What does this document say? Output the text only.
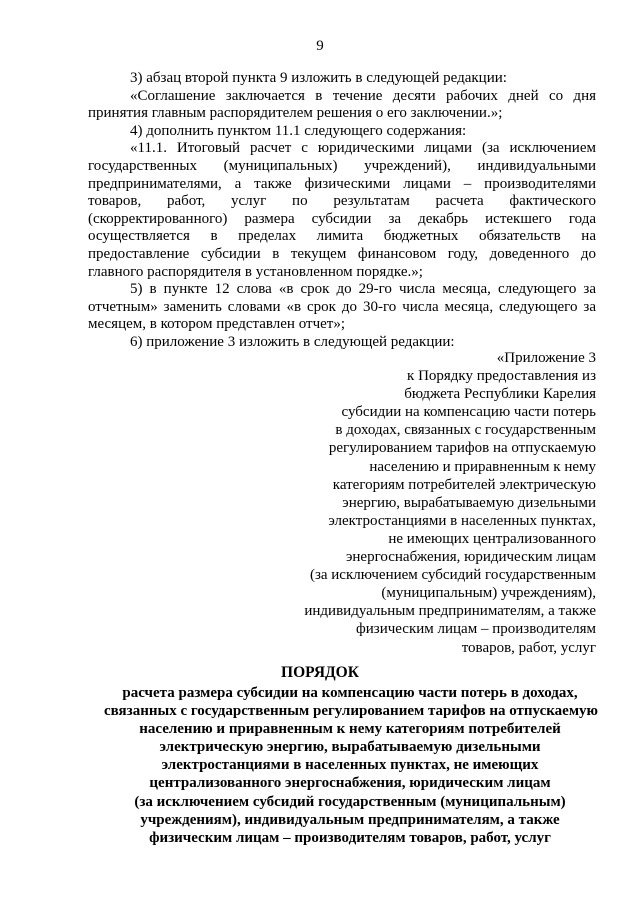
9

3) абзац второй пункта 9 изложить в следующей редакции:

«Соглашение заключается в течение десяти рабочих дней со дня принятия главным распорядителем решения о его заключении.»;

4) дополнить пунктом 11.1 следующего содержания:

«11.1. Итоговый расчет с юридическими лицами (за исключением государственных (муниципальных) учреждений), индивидуальными предпринимателями, а также физическими лицами – производителями товаров, работ, услуг по результатам расчета фактического (скорректированного) размера субсидии за декабрь истекшего года осуществляется в пределах лимита бюджетных обязательств на предоставление субсидии в текущем финансовом году, доведенного до главного распорядителя в установленном порядке.»;

5) в пункте 12 слова «в срок до 29-го числа месяца, следующего за отчетным» заменить словами «в срок до 30-го числа месяца, следующего за месяцем, в котором представлен отчет»;

6) приложение 3 изложить в следующей редакции:

«Приложение 3
к Порядку предоставления из
бюджета Республики Карелия
субсидии на компенсацию части потерь
в доходах, связанных с государственным
регулированием тарифов на отпускаемую
населению и приравненным к нему
категориям потребителей электрическую
энергию, вырабатываемую дизельными
электростанциями в населенных пунктах,
не имеющих централизованного
энергоснабжения, юридическим лицам
(за исключением субсидий государственным
(муниципальным) учреждениям),
индивидуальным предпринимателям, а также
физическим лицам – производителям
товаров, работ, услуг
ПОРЯДОК
расчета размера субсидии на компенсацию части потерь в доходах,
связанных с государственным регулированием тарифов на отпускаемую
населению и приравненным к нему категориям потребителей
электрическую энергию, вырабатываемую дизельными
электростанциями в населенных пунктах, не имеющих
централизованного энергоснабжения, юридическим лицам
(за исключением субсидий государственным (муниципальным)
учреждениям), индивидуальным предпринимателям, а также
физическим лицам – производителям товаров, работ, услуг
